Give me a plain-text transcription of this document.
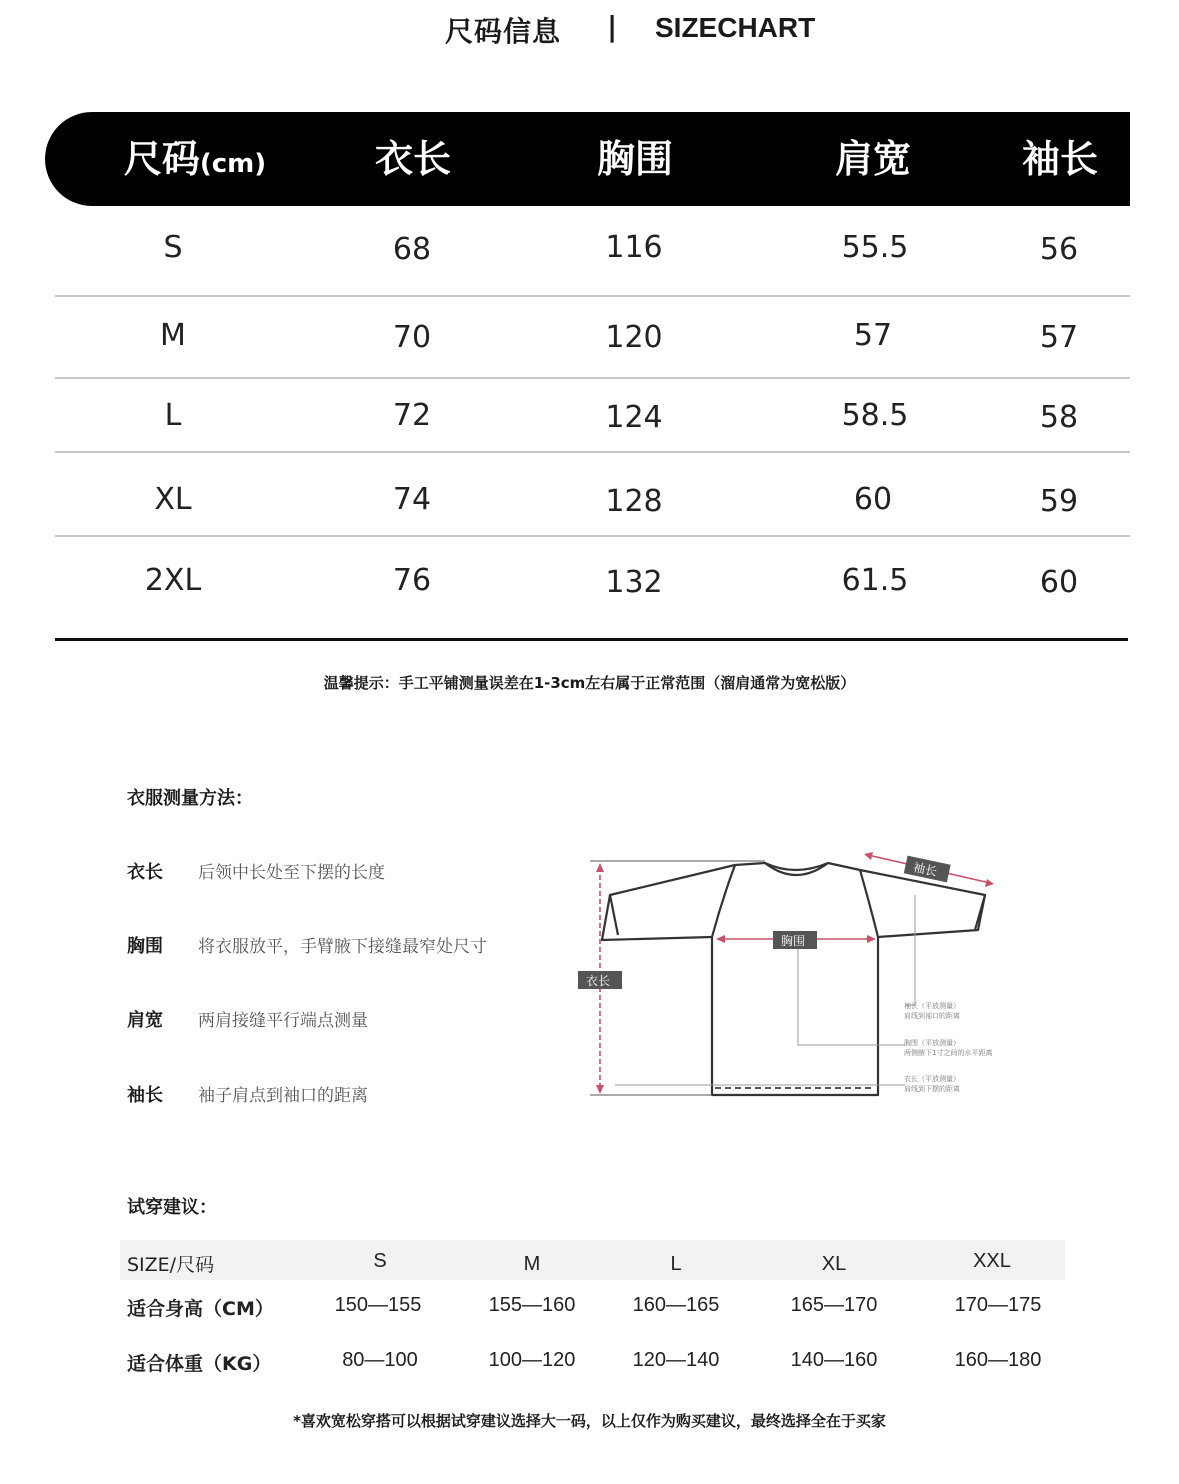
尺码信息 | SIZECHART
尺码(cm)	衣长	胸围	肩宽	袖长
S	68	116	55.5	56
M	70	120	57	57
L	72	124	58.5	58
XL	74	128	60	59
2XL	76	132	61.5	60
温馨提示：手工平铺测量误差在1-3cm左右属于正常范围（溜肩通常为宽松版）
衣服测量方法：
衣长 后领中长处至下摆的长度
胸围 将衣服放平，手臂腋下接缝最窄处尺寸
肩宽 两肩接缝平行端点测量
袖长 袖子肩点到袖口的距离
袖长
胸围
衣长
袖长（平放测量）
肩线到袖口的距离
胸围（平放测量）
两侧腋下1寸之间的水平距离
衣长（平放测量）
肩线到下摆的距离
试穿建议：
SIZE/尺码	S	M	L	XL	XXL
适合身高（CM）	150—155	155—160	160—165	165—170	170—175
适合体重（KG）	80—100	100—120	120—140	140—160	160—180
*喜欢宽松穿搭可以根据试穿建议选择大一码，以上仅作为购买建议，最终选择全在于买家
